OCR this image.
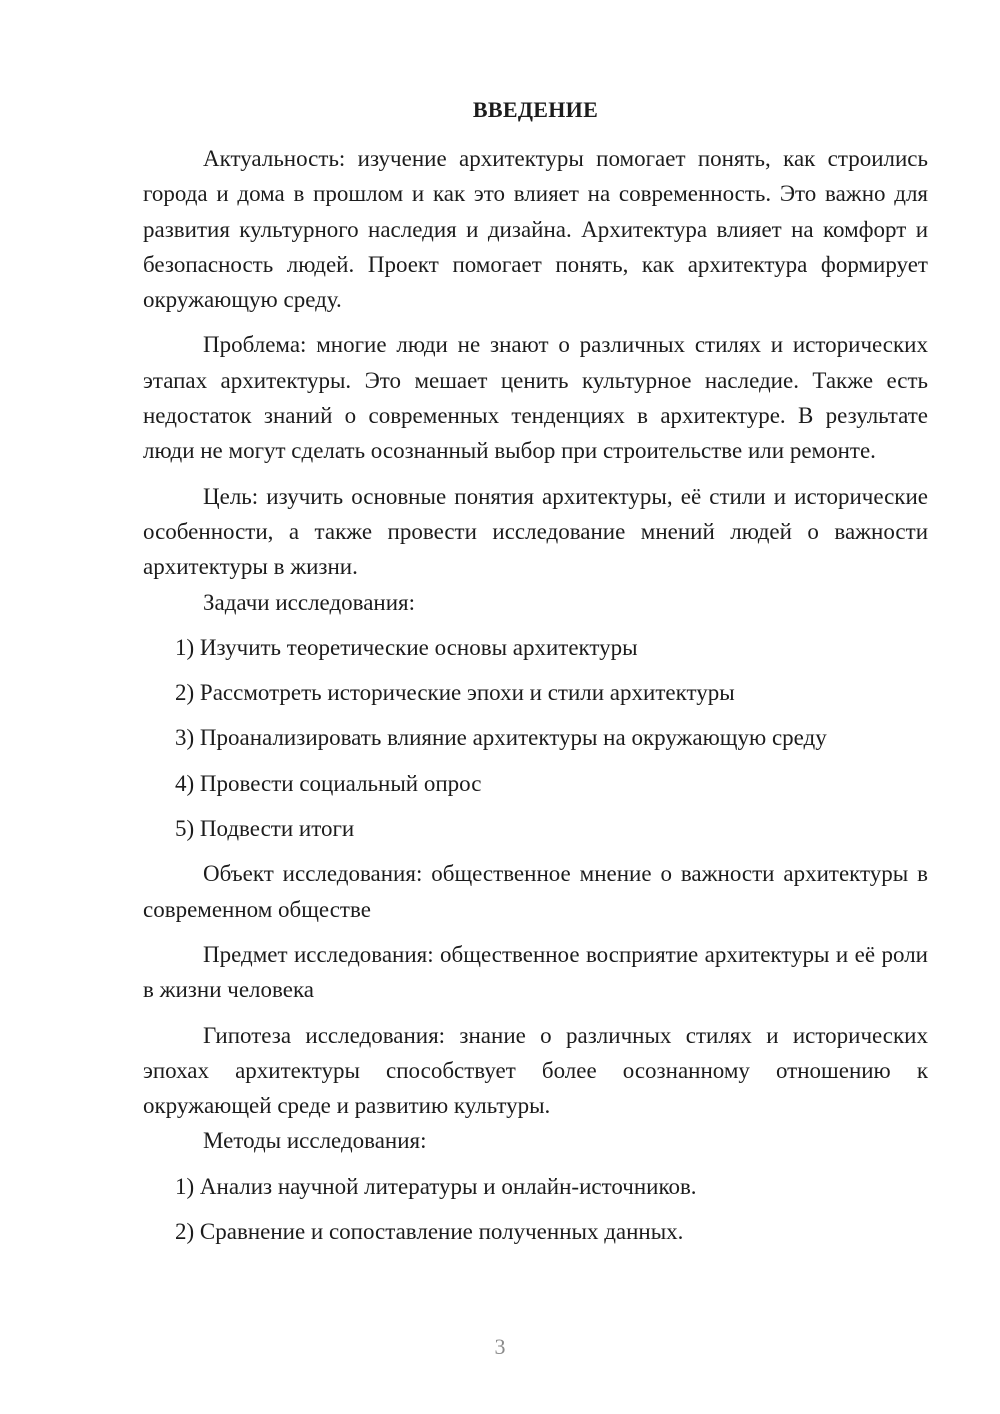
ВВЕДЕНИЕ

Актуальность: изучение архитектуры помогает понять, как строились города и дома в прошлом и как это влияет на современность. Это важно для развития культурного наследия и дизайна. Архитектура влияет на комфорт и безопасность людей. Проект помогает понять, как архитектура формирует окружающую среду.

Проблема: многие люди не знают о различных стилях и исторических этапах архитектуры. Это мешает ценить культурное наследие. Также есть недостаток знаний о современных тенденциях в архитектуре. В результате люди не могут сделать осознанный выбор при строительстве или ремонте.

Цель: изучить основные понятия архитектуры, её стили и исторические особенности, а также провести исследование мнений людей о важности архитектуры в жизни.

Задачи исследования:

1) Изучить теоретические основы архитектуры
2) Рассмотреть исторические эпохи и стили архитектуры
3) Проанализировать влияние архитектуры на окружающую среду
4) Провести социальный опрос
5) Подвести итоги

Объект исследования: общественное мнение о важности архитектуры в современном обществе

Предмет исследования: общественное восприятие архитектуры и её роли в жизни человека

Гипотеза исследования: знание о различных стилях и исторических эпохах архитектуры способствует более осознанному отношению к окружающей среде и развитию культуры.

Методы исследования:

1) Анализ научной литературы и онлайн-источников.
2) Сравнение и сопоставление полученных данных.
3
